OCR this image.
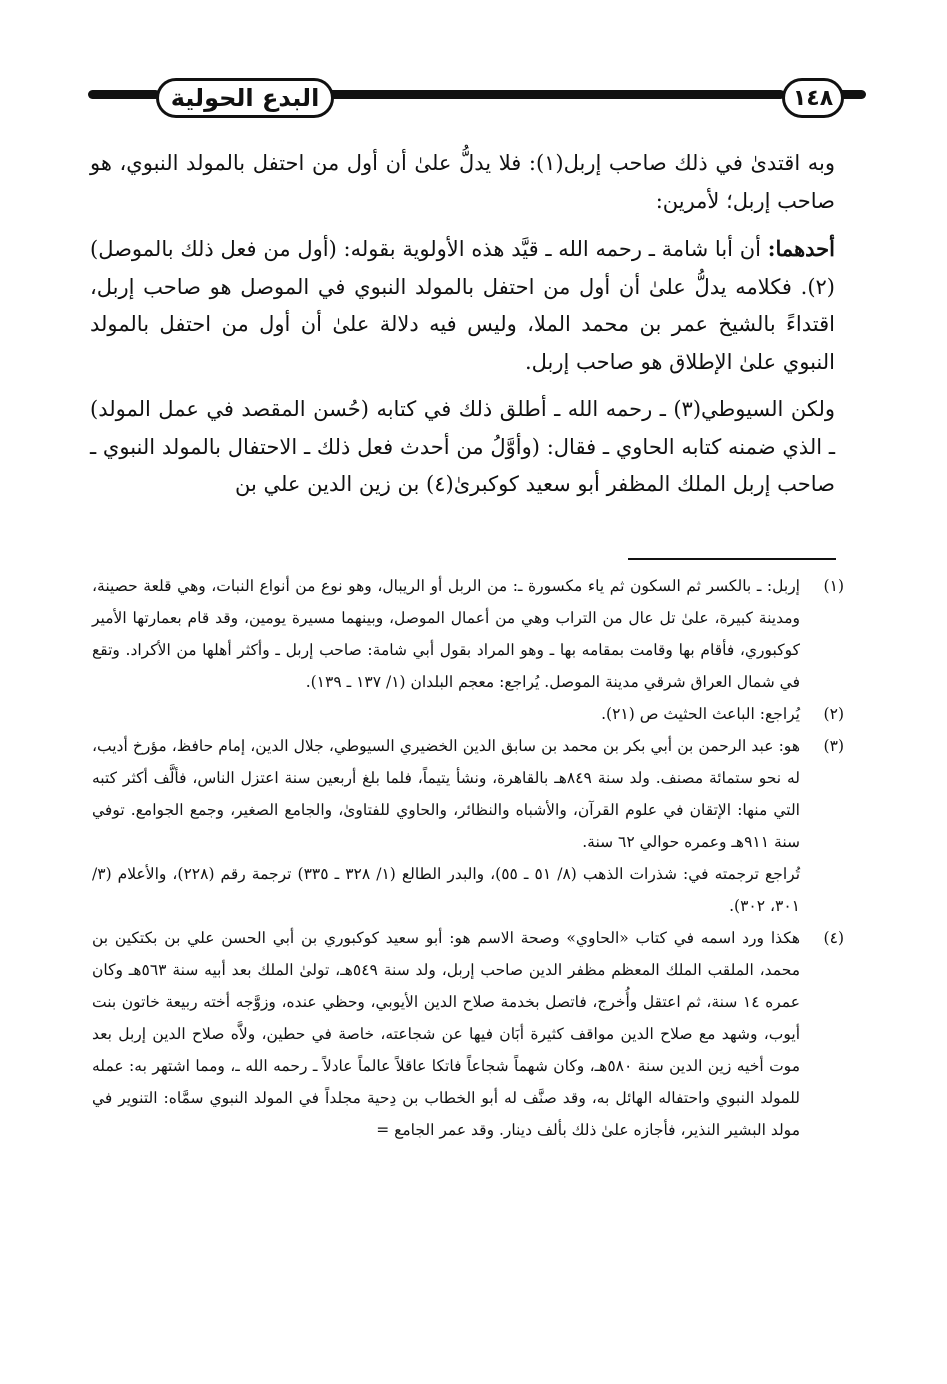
البدع الحولية	١٤٨

وبه اقتدىٰ في ذلك صاحب إربل(١): فلا يدلُّ علىٰ أن أول من احتفل بالمولد النبوي، هو صاحب إربل؛ لأمرين:

أحدهما: أن أبا شامة ـ رحمه الله ـ قيَّد هذه الأولوية بقوله: (أول من فعل ذلك بالموصل)(٢). فكلامه يدلُّ علىٰ أن أول من احتفل بالمولد النبوي في الموصل هو صاحب إربل، اقتداءً بالشيخ عمر بن محمد الملا، وليس فيه دلالة علىٰ أن أول من احتفل بالمولد النبوي علىٰ الإطلاق هو صاحب إربل.

ولكن السيوطي(٣) ـ رحمه الله ـ أطلق ذلك في كتابه (حُسن المقصد في عمل المولد) ـ الذي ضمنه كتابه الحاوي ـ فقال: (وأوَّلُ من أحدث فعل ذلك ـ الاحتفال بالمولد النبوي ـ صاحب إربل الملك المظفر أبو سعيد كوكبرىٰ(٤) بن زين الدين علي بن

(١)

إربل: ـ بالكسر ثم السكون ثم ياء مكسورة ـ: من الربل أو الريبال، وهو نوع من أنواع النبات، وهي قلعة حصينة، ومدينة كبيرة، علىٰ تل عال من التراب وهي من أعمال الموصل، وبينهما مسيرة يومين، وقد قام بعمارتها الأمير كوكبوري، فأقام بها وقامت بمقامه بها ـ وهو المراد بقول أبي شامة: صاحب إربل ـ وأكثر أهلها من الأكراد. وتقع في شمال العراق شرقي مدينة الموصل. يُراجع: معجم البلدان (١/ ١٣٧ ـ ١٣٩).

(٢)

يُراجع: الباعث الحثيث ص (٢١).

(٣)

هو: عبد الرحمن بن أبي بكر بن محمد بن سابق الدين الخضيري السيوطي، جلال الدين، إمام حافظ، مؤرخ أديب، له نحو ستمائة مصنف. ولد سنة ٨٤٩هـ بالقاهرة، ونشأ يتيماً، فلما بلغ أربعين سنة اعتزل الناس، فألَّف أكثر كتبه التي منها: الإتقان في علوم القرآن، والأشباه والنظائر، والحاوي للفتاوىٰ، والجامع الصغير، وجمع الجوامع. توفي سنة ٩١١هـ وعمره حوالي ٦٢ سنة.

تُراجع ترجمته في: شذرات الذهب (٨/ ٥١ ـ ٥٥)، والبدر الطالع (١/ ٣٢٨ ـ ٣٣٥) ترجمة رقم (٢٢٨)، والأعلام (٣/ ٣٠١، ٣٠٢).

(٤)

هكذا ورد اسمه في كتاب «الحاوي» وصحة الاسم هو: أبو سعيد كوكبوري بن أبي الحسن علي بن بكتكين بن محمد، الملقب الملك المعظم مظفر الدين صاحب إربل، ولد سنة ٥٤٩هـ، تولىٰ الملك بعد أبيه سنة ٥٦٣هـ وكان عمره ١٤ سنة، ثم اعتقل وأُخرج، فاتصل بخدمة صلاح الدين الأيوبي، وحظي عنده، وزوَّجه أخته ربيعة خاتون بنت أيوب، وشهد مع صلاح الدين مواقف كثيرة أبَان فيها عن شجاعته، خاصة في حطين، ولاَّه صلاح الدين إربل بعد موت أخيه زين الدين سنة ٥٨٠هـ، وكان شهماً شجاعاً فاتكا عاقلاً عالماً عادلاً ـ رحمه الله ـ، ومما اشتهر به: عمله للمولد النبوي واحتفاله الهائل به، وقد صنَّف له أبو الخطاب بن دِحية مجلداً في المولد النبوي سمَّاه: التنوير في مولد البشير النذير، فأجازه علىٰ ذلك بألف دينار. وقد عمر الجامع =
